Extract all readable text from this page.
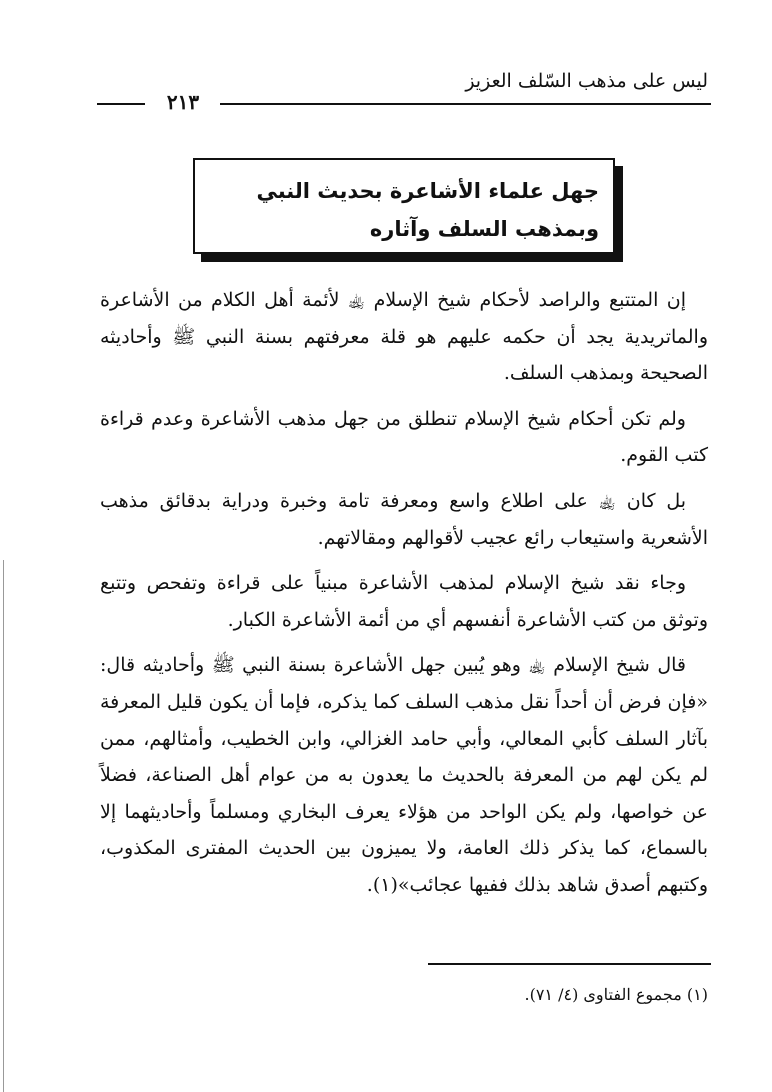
ليس على مذهب السّلف العزيز
٢١٣
جهل علماء الأشاعرة بحديث النبي وبمذهب السلف وآثاره

إن المتتبع والراصد لأحكام شيخ الإسلام ﵀ لأئمة أهل الكلام من الأشاعرة والماتريدية يجد أن حكمه عليهم هو قلة معرفتهم بسنة النبي ﷺ وأحاديثه الصحيحة وبمذهب السلف.

ولم تكن أحكام شيخ الإسلام تنطلق من جهل مذهب الأشاعرة وعدم قراءة كتب القوم.

بل كان ﵀ على اطلاع واسع ومعرفة تامة وخبرة ودراية بدقائق مذهب الأشعرية واستيعاب رائع عجيب لأقوالهم ومقالاتهم.

وجاء نقد شيخ الإسلام لمذهب الأشاعرة مبنياً على قراءة وتفحص وتتبع وتوثق من كتب الأشاعرة أنفسهم أي من أئمة الأشاعرة الكبار.

قال شيخ الإسلام ﵀ وهو يُبين جهل الأشاعرة بسنة النبي ﷺ وأحاديثه قال: «فإن فرض أن أحداً نقل مذهب السلف كما يذكره، فإما أن يكون قليل المعرفة بآثار السلف كأبي المعالي، وأبي حامد الغزالي، وابن الخطيب، وأمثالهم، ممن لم يكن لهم من المعرفة بالحديث ما يعدون به من عوام أهل الصناعة، فضلاً عن خواصها، ولم يكن الواحد من هؤلاء يعرف البخاري ومسلماً وأحاديثهما إلا بالسماع، كما يذكر ذلك العامة، ولا يميزون بين الحديث المفترى المكذوب، وكتبهم أصدق شاهد بذلك ففيها عجائب»(١).

(١) مجموع الفتاوى (٤/ ٧١).
